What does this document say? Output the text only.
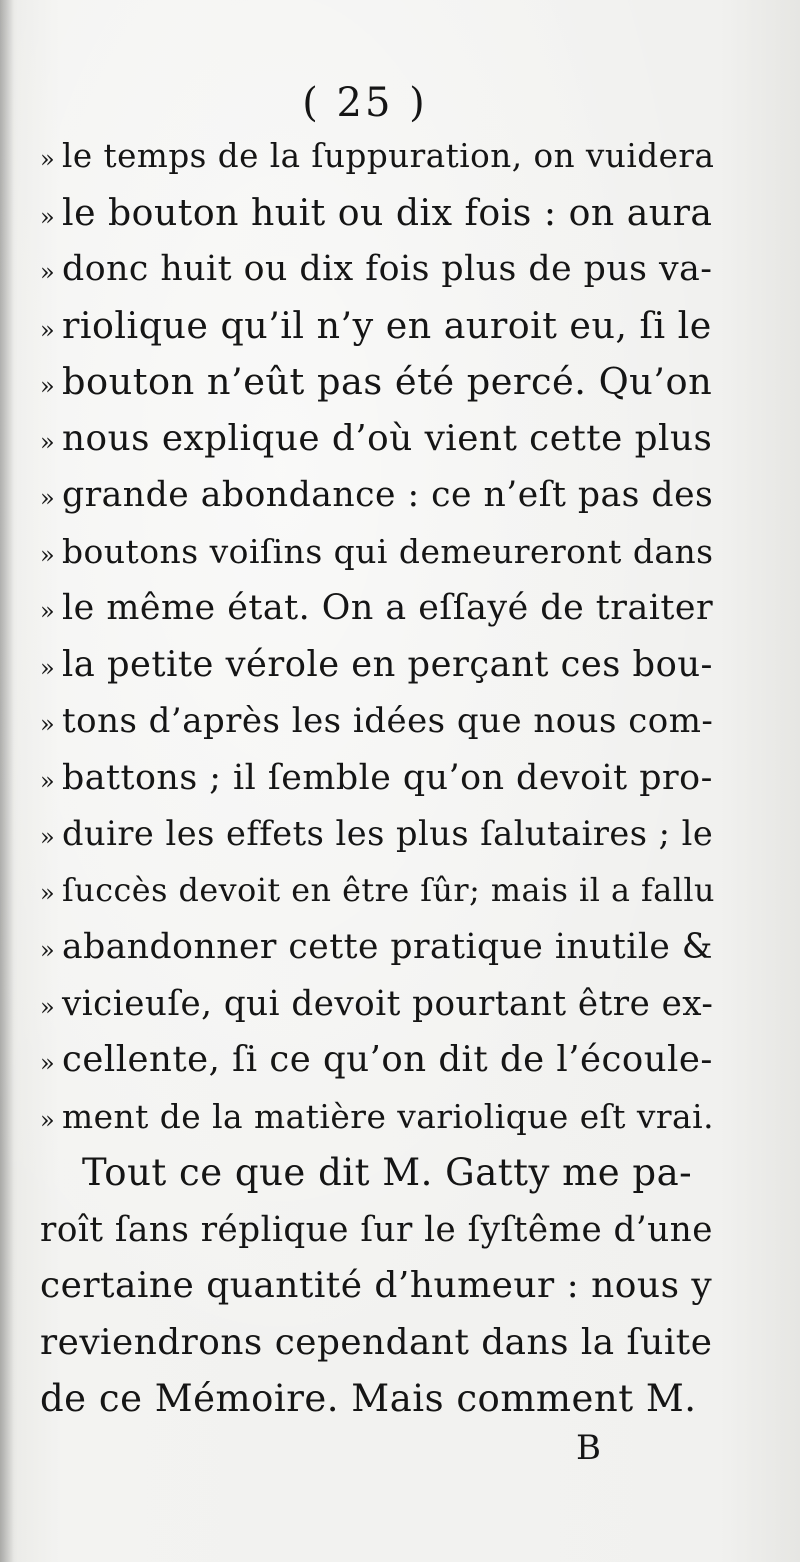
( 25 )
» le temps de la ſuppuration, on vuidera
» le bouton huit ou dix fois : on aura
» donc huit ou dix fois plus de pus va-
» riolique qu’il n’y en auroit eu, ſi le
» bouton n’eût pas été percé. Qu’on
» nous explique d’où vient cette plus
» grande abondance : ce n’eſt pas des
» boutons voiſins qui demeureront dans
» le même état. On a eſſayé de traiter
» la petite vérole en perçant ces bou-
» tons d’après les idées que nous com-
» battons ; il ſemble qu’on devoit pro-
» duire les effets les plus ſalutaires ; le
» ſuccès devoit en être ſûr; mais il a fallu
» abandonner cette pratique inutile &
» vicieuſe, qui devoit pourtant être ex-
» cellente, ſi ce qu’on dit de l’écoule-
» ment de la matière variolique eſt vrai.
Tout ce que dit M. Gatty me pa-
roît ſans réplique ſur le ſyſtême d’une
certaine quantité d’humeur : nous y
reviendrons cependant dans la ſuite
de ce Mémoire. Mais comment M.
B
